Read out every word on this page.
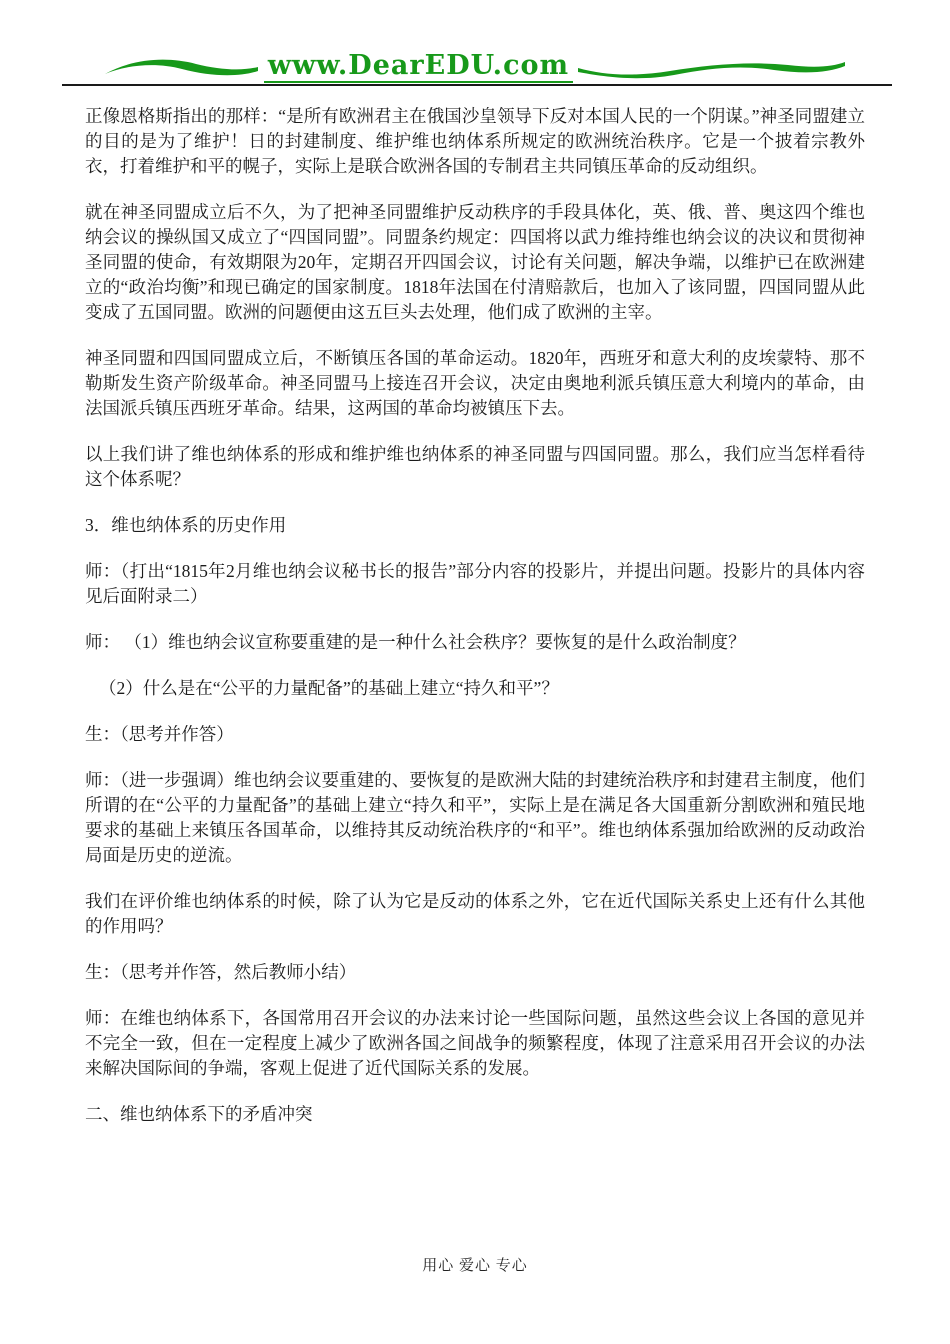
www.DearEDU.com

正像恩格斯指出的那样：“是所有欧洲君主在俄国沙皇领导下反对本国人民的一个阴谋。”神圣同盟建立的目的是为了维护！日的封建制度、维护维也纳体系所规定的欧洲统治秩序。它是一个披着宗教外衣，打着维护和平的幌子，实际上是联合欧洲各国的专制君主共同镇压革命的反动组织。

就在神圣同盟成立后不久，为了把神圣同盟维护反动秩序的手段具体化，英、俄、普、奥这四个维也纳会议的操纵国又成立了“四国同盟”。同盟条约规定：四国将以武力维持维也纳会议的决议和贯彻神圣同盟的使命，有效期限为20年，定期召开四国会议，讨论有关问题，解决争端，以维护已在欧洲建立的“政治均衡”和现已确定的国家制度。1818年法国在付清赔款后，也加入了该同盟，四国同盟从此变成了五国同盟。欧洲的问题便由这五巨头去处理，他们成了欧洲的主宰。

神圣同盟和四国同盟成立后，不断镇压各国的革命运动。1820年，西班牙和意大利的皮埃蒙特、那不勒斯发生资产阶级革命。神圣同盟马上接连召开会议，决定由奥地利派兵镇压意大利境内的革命，由法国派兵镇压西班牙革命。结果，这两国的革命均被镇压下去。

以上我们讲了维也纳体系的形成和维护维也纳体系的神圣同盟与四国同盟。那么，我们应当怎样看待这个体系呢？

3．维也纳体系的历史作用

师：（打出“1815年2月维也纳会议秘书长的报告”部分内容的投影片，并提出问题。投影片的具体内容见后面附录二）

师： （1）维也纳会议宣称要重建的是一种什么社会秩序？要恢复的是什么政治制度？

（2）什么是在“公平的力量配备”的基础上建立“持久和平”？

生：（思考并作答）

师：（进一步强调）维也纳会议要重建的、要恢复的是欧洲大陆的封建统治秩序和封建君主制度，他们所谓的在“公平的力量配备”的基础上建立“持久和平”，实际上是在满足各大国重新分割欧洲和殖民地要求的基础上来镇压各国革命，以维持其反动统治秩序的“和平”。维也纳体系强加给欧洲的反动政治局面是历史的逆流。

我们在评价维也纳体系的时候，除了认为它是反动的体系之外，它在近代国际关系史上还有什么其他的作用吗？

生：（思考并作答，然后教师小结）

师：在维也纳体系下，各国常用召开会议的办法来讨论一些国际问题，虽然这些会议上各国的意见并不完全一致，但在一定程度上减少了欧洲各国之间战争的频繁程度，体现了注意采用召开会议的办法来解决国际间的争端，客观上促进了近代国际关系的发展。

二、维也纳体系下的矛盾冲突

用心 爱心 专心
